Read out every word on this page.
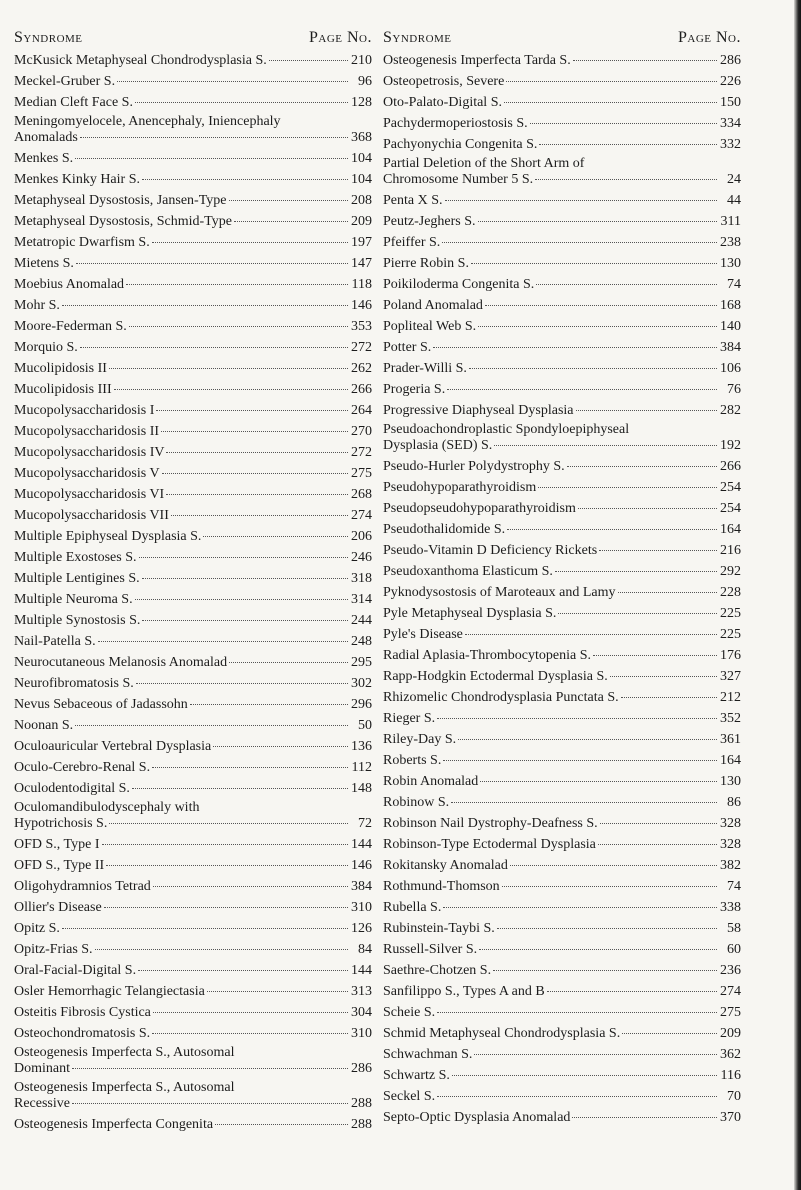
Syndrome	Page No.
McKusick Metaphyseal Chondrodysplasia S.	210
Meckel-Gruber S.	96
Median Cleft Face S.	128
Meningomyelocele, Anencephaly, Iniencephaly
Anomalads	368
Menkes S.	104
Menkes Kinky Hair S.	104
Metaphyseal Dysostosis, Jansen-Type	208
Metaphyseal Dysostosis, Schmid-Type	209
Metatropic Dwarfism S.	197
Mietens S.	147
Moebius Anomalad	118
Mohr S.	146
Moore-Federman S.	353
Morquio S.	272
Mucolipidosis II	262
Mucolipidosis III	266
Mucopolysaccharidosis I	264
Mucopolysaccharidosis II	270
Mucopolysaccharidosis IV	272
Mucopolysaccharidosis V	275
Mucopolysaccharidosis VI	268
Mucopolysaccharidosis VII	274
Multiple Epiphyseal Dysplasia S.	206
Multiple Exostoses S.	246
Multiple Lentigines S.	318
Multiple Neuroma S.	314
Multiple Synostosis S.	244
Nail-Patella S.	248
Neurocutaneous Melanosis Anomalad	295
Neurofibromatosis S.	302
Nevus Sebaceous of Jadassohn	296
Noonan S.	50
Oculoauricular Vertebral Dysplasia	136
Oculo-Cerebro-Renal S.	112
Oculodentodigital S.	148
Oculomandibulodyscephaly with
Hypotrichosis S.	72
OFD S., Type I	144
OFD S., Type II	146
Oligohydramnios Tetrad	384
Ollier's Disease	310
Opitz S.	126
Opitz-Frias S.	84
Oral-Facial-Digital S.	144
Osler Hemorrhagic Telangiectasia	313
Osteitis Fibrosis Cystica	304
Osteochondromatosis S.	310
Osteogenesis Imperfecta S., Autosomal
Dominant	286
Osteogenesis Imperfecta S., Autosomal
Recessive	288
Osteogenesis Imperfecta Congenita	288
Syndrome	Page No.
Osteogenesis Imperfecta Tarda S.	286
Osteopetrosis, Severe	226
Oto-Palato-Digital S.	150
Pachydermoperiostosis S.	334
Pachyonychia Congenita S.	332
Partial Deletion of the Short Arm of
Chromosome Number 5 S.	24
Penta X S.	44
Peutz-Jeghers S.	311
Pfeiffer S.	238
Pierre Robin S.	130
Poikiloderma Congenita S.	74
Poland Anomalad	168
Popliteal Web S.	140
Potter S.	384
Prader-Willi S.	106
Progeria S.	76
Progressive Diaphyseal Dysplasia	282
Pseudoachondroplastic Spondyloepiphyseal
Dysplasia (SED) S.	192
Pseudo-Hurler Polydystrophy S.	266
Pseudohypoparathyroidism	254
Pseudopseudohypoparathyroidism	254
Pseudothalidomide S.	164
Pseudo-Vitamin D Deficiency Rickets	216
Pseudoxanthoma Elasticum S.	292
Pyknodysostosis of Maroteaux and Lamy	228
Pyle Metaphyseal Dysplasia S.	225
Pyle's Disease	225
Radial Aplasia-Thrombocytopenia S.	176
Rapp-Hodgkin Ectodermal Dysplasia S.	327
Rhizomelic Chondrodysplasia Punctata S.	212
Rieger S.	352
Riley-Day S.	361
Roberts S.	164
Robin Anomalad	130
Robinow S.	86
Robinson Nail Dystrophy-Deafness S.	328
Robinson-Type Ectodermal Dysplasia	328
Rokitansky Anomalad	382
Rothmund-Thomson	74
Rubella S.	338
Rubinstein-Taybi S.	58
Russell-Silver S.	60
Saethre-Chotzen S.	236
Sanfilippo S., Types A and B	274
Scheie S.	275
Schmid Metaphyseal Chondrodysplasia S.	209
Schwachman S.	362
Schwartz S.	116
Seckel S.	70
Septo-Optic Dysplasia Anomalad	370
